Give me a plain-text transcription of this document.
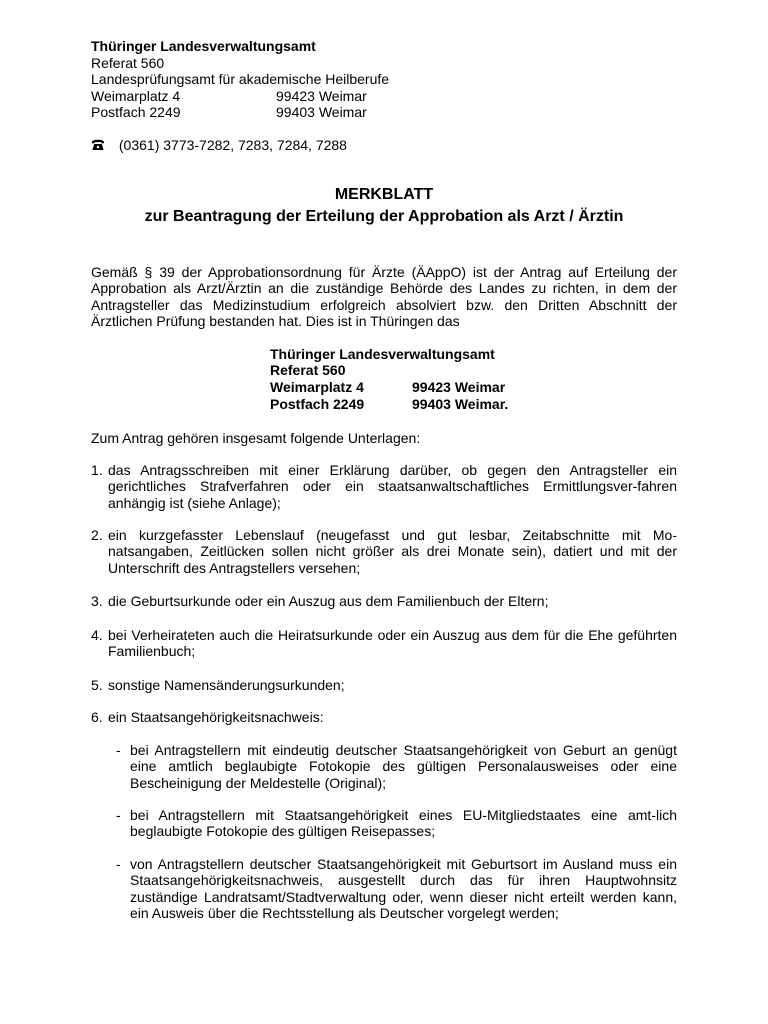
Thüringer Landesverwaltungsamt
Referat 560
Landesprüfungsamt für akademische Heilberufe
Weimarplatz 4	99423 Weimar
Postfach 2249	99403 Weimar
(0361) 3773-7282, 7283, 7284, 7288
MERKBLATT
zur Beantragung der Erteilung der Approbation als Arzt / Ärztin
Gemäß § 39 der Approbationsordnung für Ärzte (ÄAppO) ist der Antrag auf Erteilung der Approbation als Arzt/Ärztin an die zuständige Behörde des Landes zu richten, in dem der Antragsteller das Medizinstudium erfolgreich absolviert bzw. den Dritten Abschnitt der Ärztlichen Prüfung bestanden hat. Dies ist in Thüringen das
Thüringer Landesverwaltungsamt
Referat 560
Weimarplatz 4	99423 Weimar
Postfach 2249	99403 Weimar.
Zum Antrag gehören insgesamt folgende Unterlagen:
1. das Antragsschreiben mit einer Erklärung darüber, ob gegen den Antragsteller ein gerichtliches Strafverfahren oder ein staatsanwaltschaftliches Ermittlungsver-fahren anhängig ist (siehe Anlage);
2. ein kurzgefasster Lebenslauf (neugefasst und gut lesbar, Zeitabschnitte mit Mo-natsangaben, Zeitlücken sollen nicht größer als drei Monate sein), datiert und mit der Unterschrift des Antragstellers versehen;
3. die Geburtsurkunde oder ein Auszug aus dem Familienbuch der Eltern;
4. bei Verheirateten auch die Heiratsurkunde oder ein Auszug aus dem für die Ehe geführten Familienbuch;
5. sonstige Namensänderungsurkunden;
6. ein Staatsangehörigkeitsnachweis:
- bei Antragstellern mit eindeutig deutscher Staatsangehörigkeit von Geburt an genügt eine amtlich beglaubigte Fotokopie des gültigen Personalausweises oder eine Bescheinigung der Meldestelle (Original);
- bei Antragstellern mit Staatsangehörigkeit eines EU-Mitgliedstaates eine amt-lich beglaubigte Fotokopie des gültigen Reisepasses;
- von Antragstellern deutscher Staatsangehörigkeit mit Geburtsort im Ausland muss ein Staatsangehörigkeitsnachweis, ausgestellt durch das für ihren Hauptwohnsitz zuständige Landratsamt/Stadtverwaltung oder, wenn dieser nicht erteilt werden kann, ein Ausweis über die Rechtsstellung als Deutscher vorgelegt werden;
